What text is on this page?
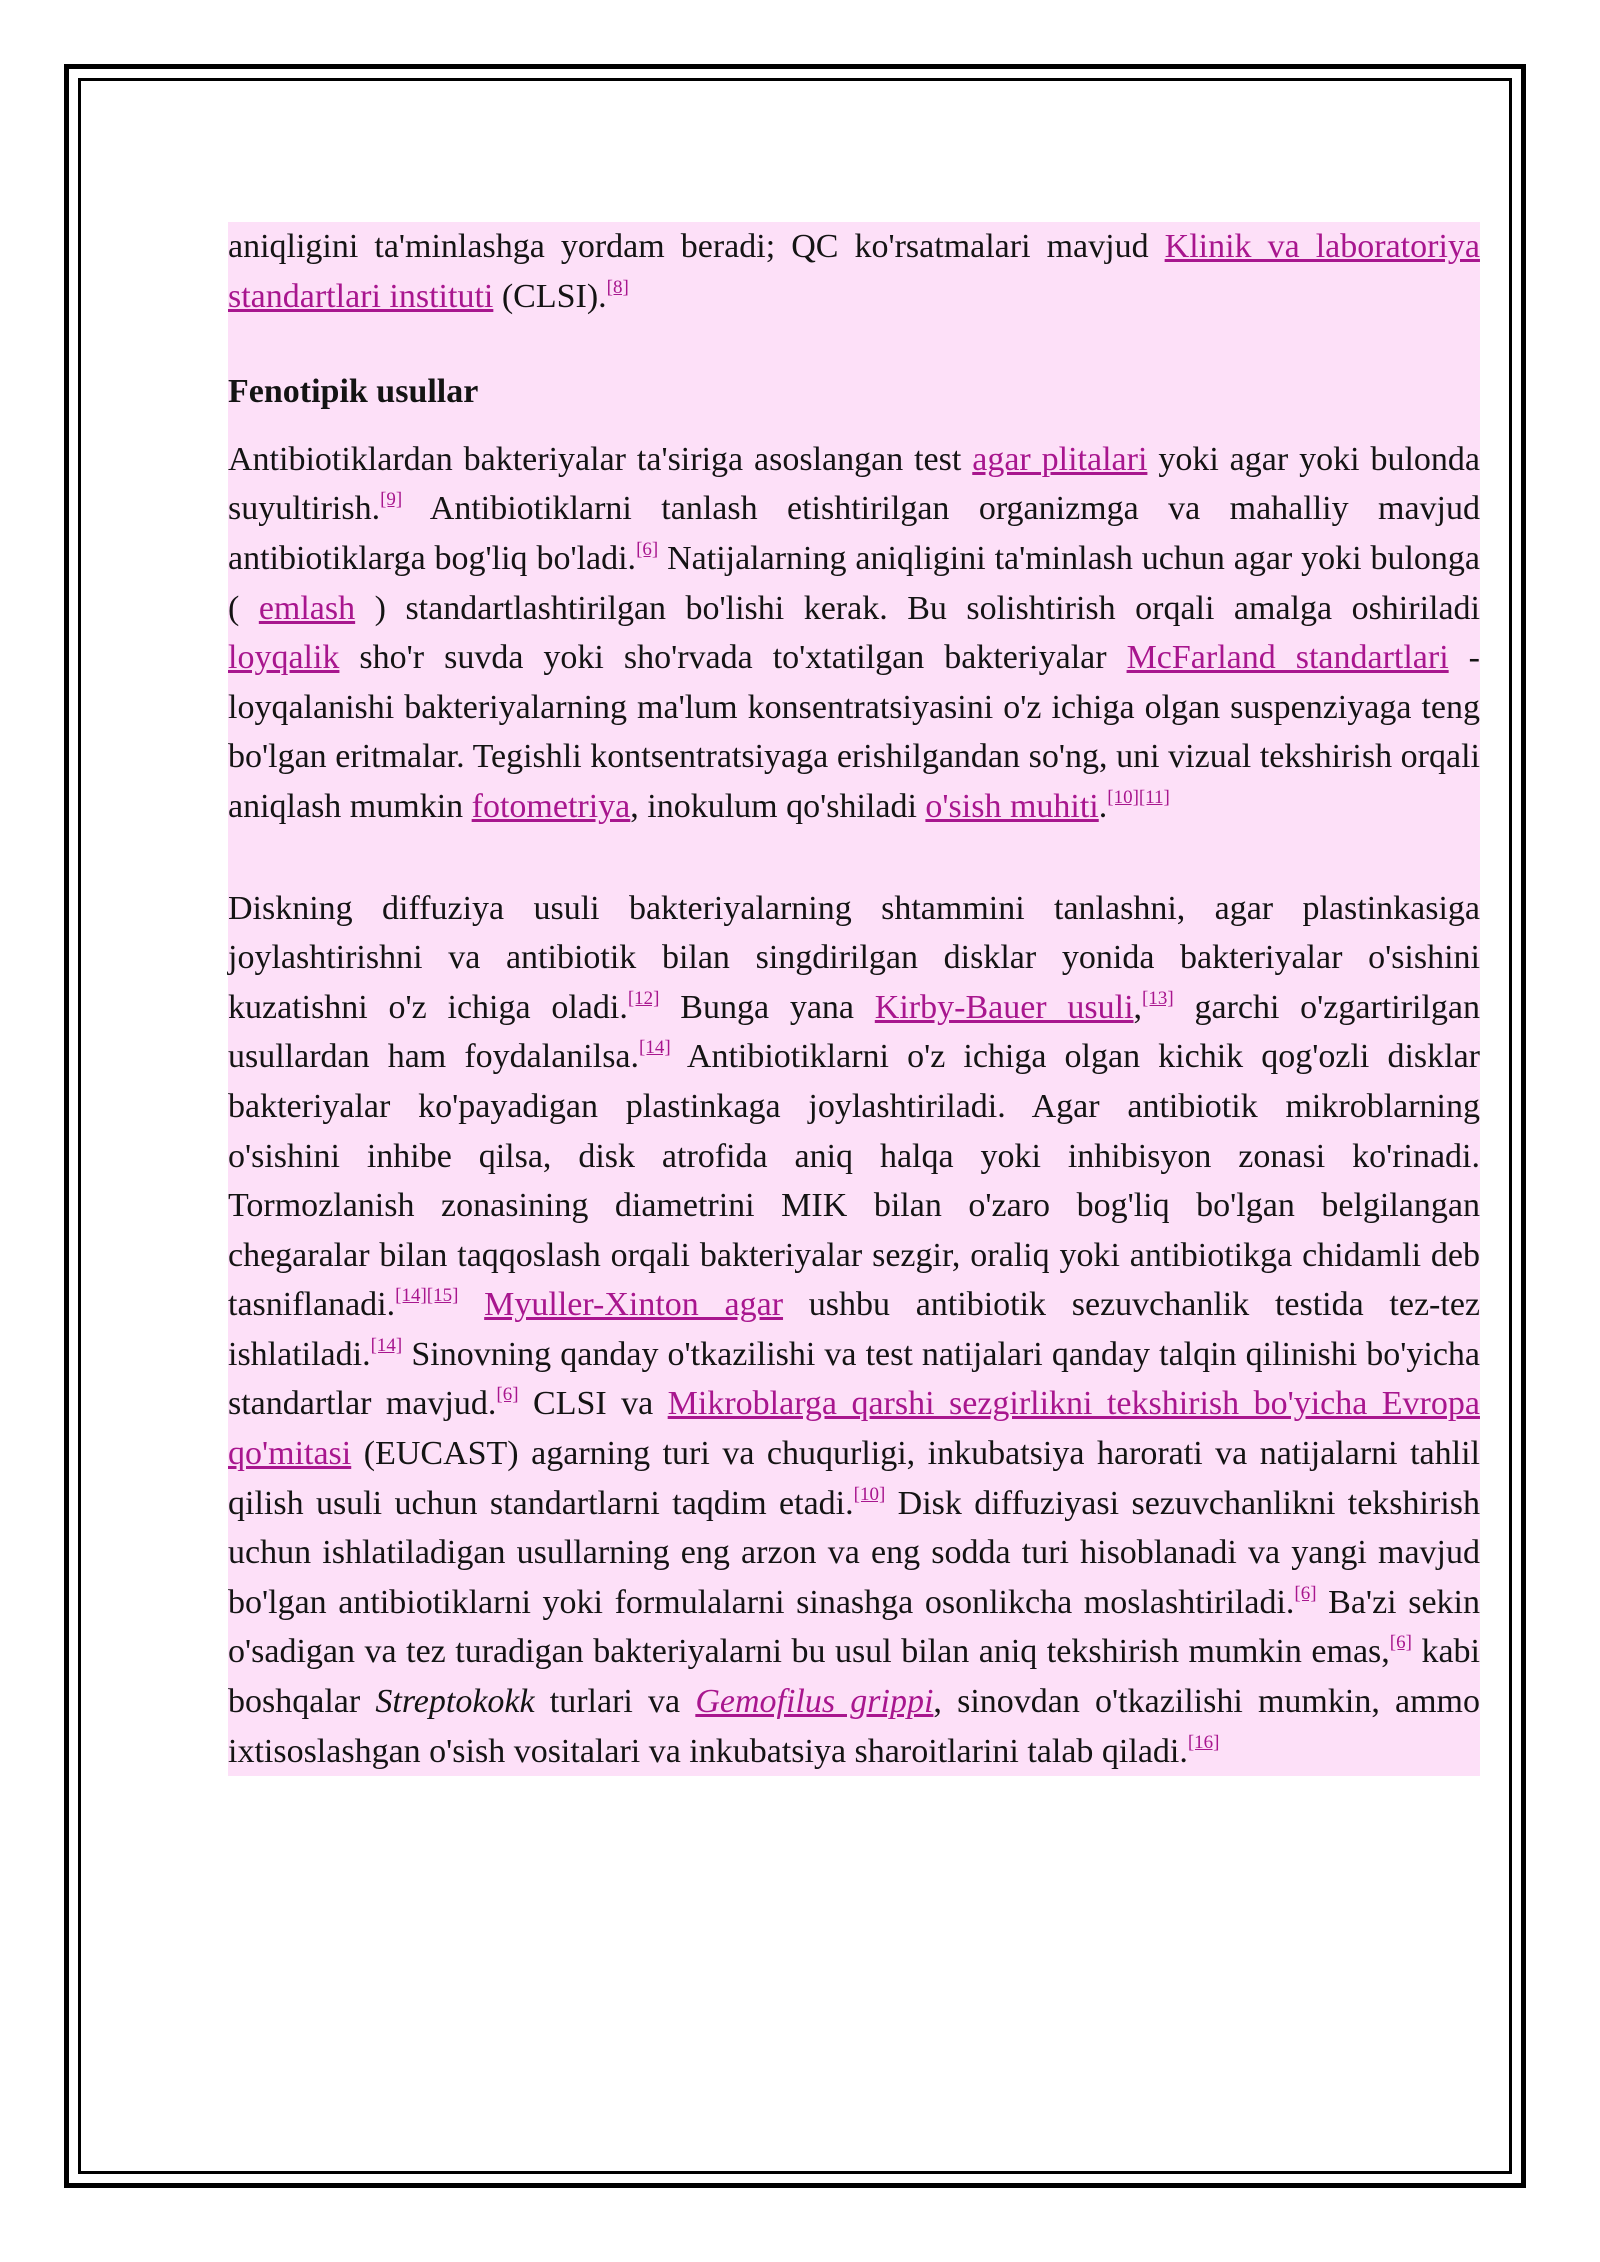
aniqligini ta'minlashga yordam beradi; QC ko'rsatmalari mavjud Klinik va laboratoriya standartlari instituti (CLSI).[8]

Fenotipik usullar

Antibiotiklardan bakteriyalar ta'siriga asoslangan test agar plitalari yoki agar yoki bulonda suyultirish.[9] Antibiotiklarni tanlash etishtirilgan organizmga va mahalliy mavjud antibiotiklarga bog'liq bo'ladi.[6] Natijalarning aniqligini ta'minlash uchun agar yoki bulonga ( emlash ) standartlashtirilgan bo'lishi kerak. Bu solishtirish orqali amalga oshiriladi loyqalik sho'r suvda yoki sho'rvada to'xtatilgan bakteriyalar McFarland standartlari - loyqalanishi bakteriyalarning ma'lum konsentratsiyasini o'z ichiga olgan suspenziyaga teng bo'lgan eritmalar. Tegishli kontsentratsiyaga erishilgandan so'ng, uni vizual tekshirish orqali aniqlash mumkin fotometriya, inokulum qo'shiladi o'sish muhiti.[10][11]

Diskning diffuziya usuli bakteriyalarning shtammini tanlashni, agar plastinkasiga joylashtirishni va antibiotik bilan singdirilgan disklar yonida bakteriyalar o'sishini kuzatishni o'z ichiga oladi.[12] Bunga yana Kirby-Bauer usuli,[13] garchi o'zgartirilgan usullardan ham foydalanilsa.[14] Antibiotiklarni o'z ichiga olgan kichik qog'ozli disklar bakteriyalar ko'payadigan plastinkaga joylashtiriladi. Agar antibiotik mikroblarning o'sishini inhibe qilsa, disk atrofida aniq halqa yoki inhibisyon zonasi ko'rinadi. Tormozlanish zonasining diametrini MIK bilan o'zaro bog'liq bo'lgan belgilangan chegaralar bilan taqqoslash orqali bakteriyalar sezgir, oraliq yoki antibiotikga chidamli deb tasniflanadi.[14][15] Myuller-Xinton agar ushbu antibiotik sezuvchanlik testida tez-tez ishlatiladi.[14] Sinovning qanday o'tkazilishi va test natijalari qanday talqin qilinishi bo'yicha standartlar mavjud.[6] CLSI va Mikroblarga qarshi sezgirlikni tekshirish bo'yicha Evropa qo'mitasi (EUCAST) agarning turi va chuqurligi, inkubatsiya harorati va natijalarni tahlil qilish usuli uchun standartlarni taqdim etadi.[10] Disk diffuziyasi sezuvchanlikni tekshirish uchun ishlatiladigan usullarning eng arzon va eng sodda turi hisoblanadi va yangi mavjud bo'lgan antibiotiklarni yoki formulalarni sinashga osonlikcha moslashtiriladi.[6] Ba'zi sekin o'sadigan va tez turadigan bakteriyalarni bu usul bilan aniq tekshirish mumkin emas,[6] kabi boshqalar Streptokokk turlari va Gemofilus grippi, sinovdan o'tkazilishi mumkin, ammo ixtisoslashgan o'sish vositalari va inkubatsiya sharoitlarini talab qiladi.[16]
